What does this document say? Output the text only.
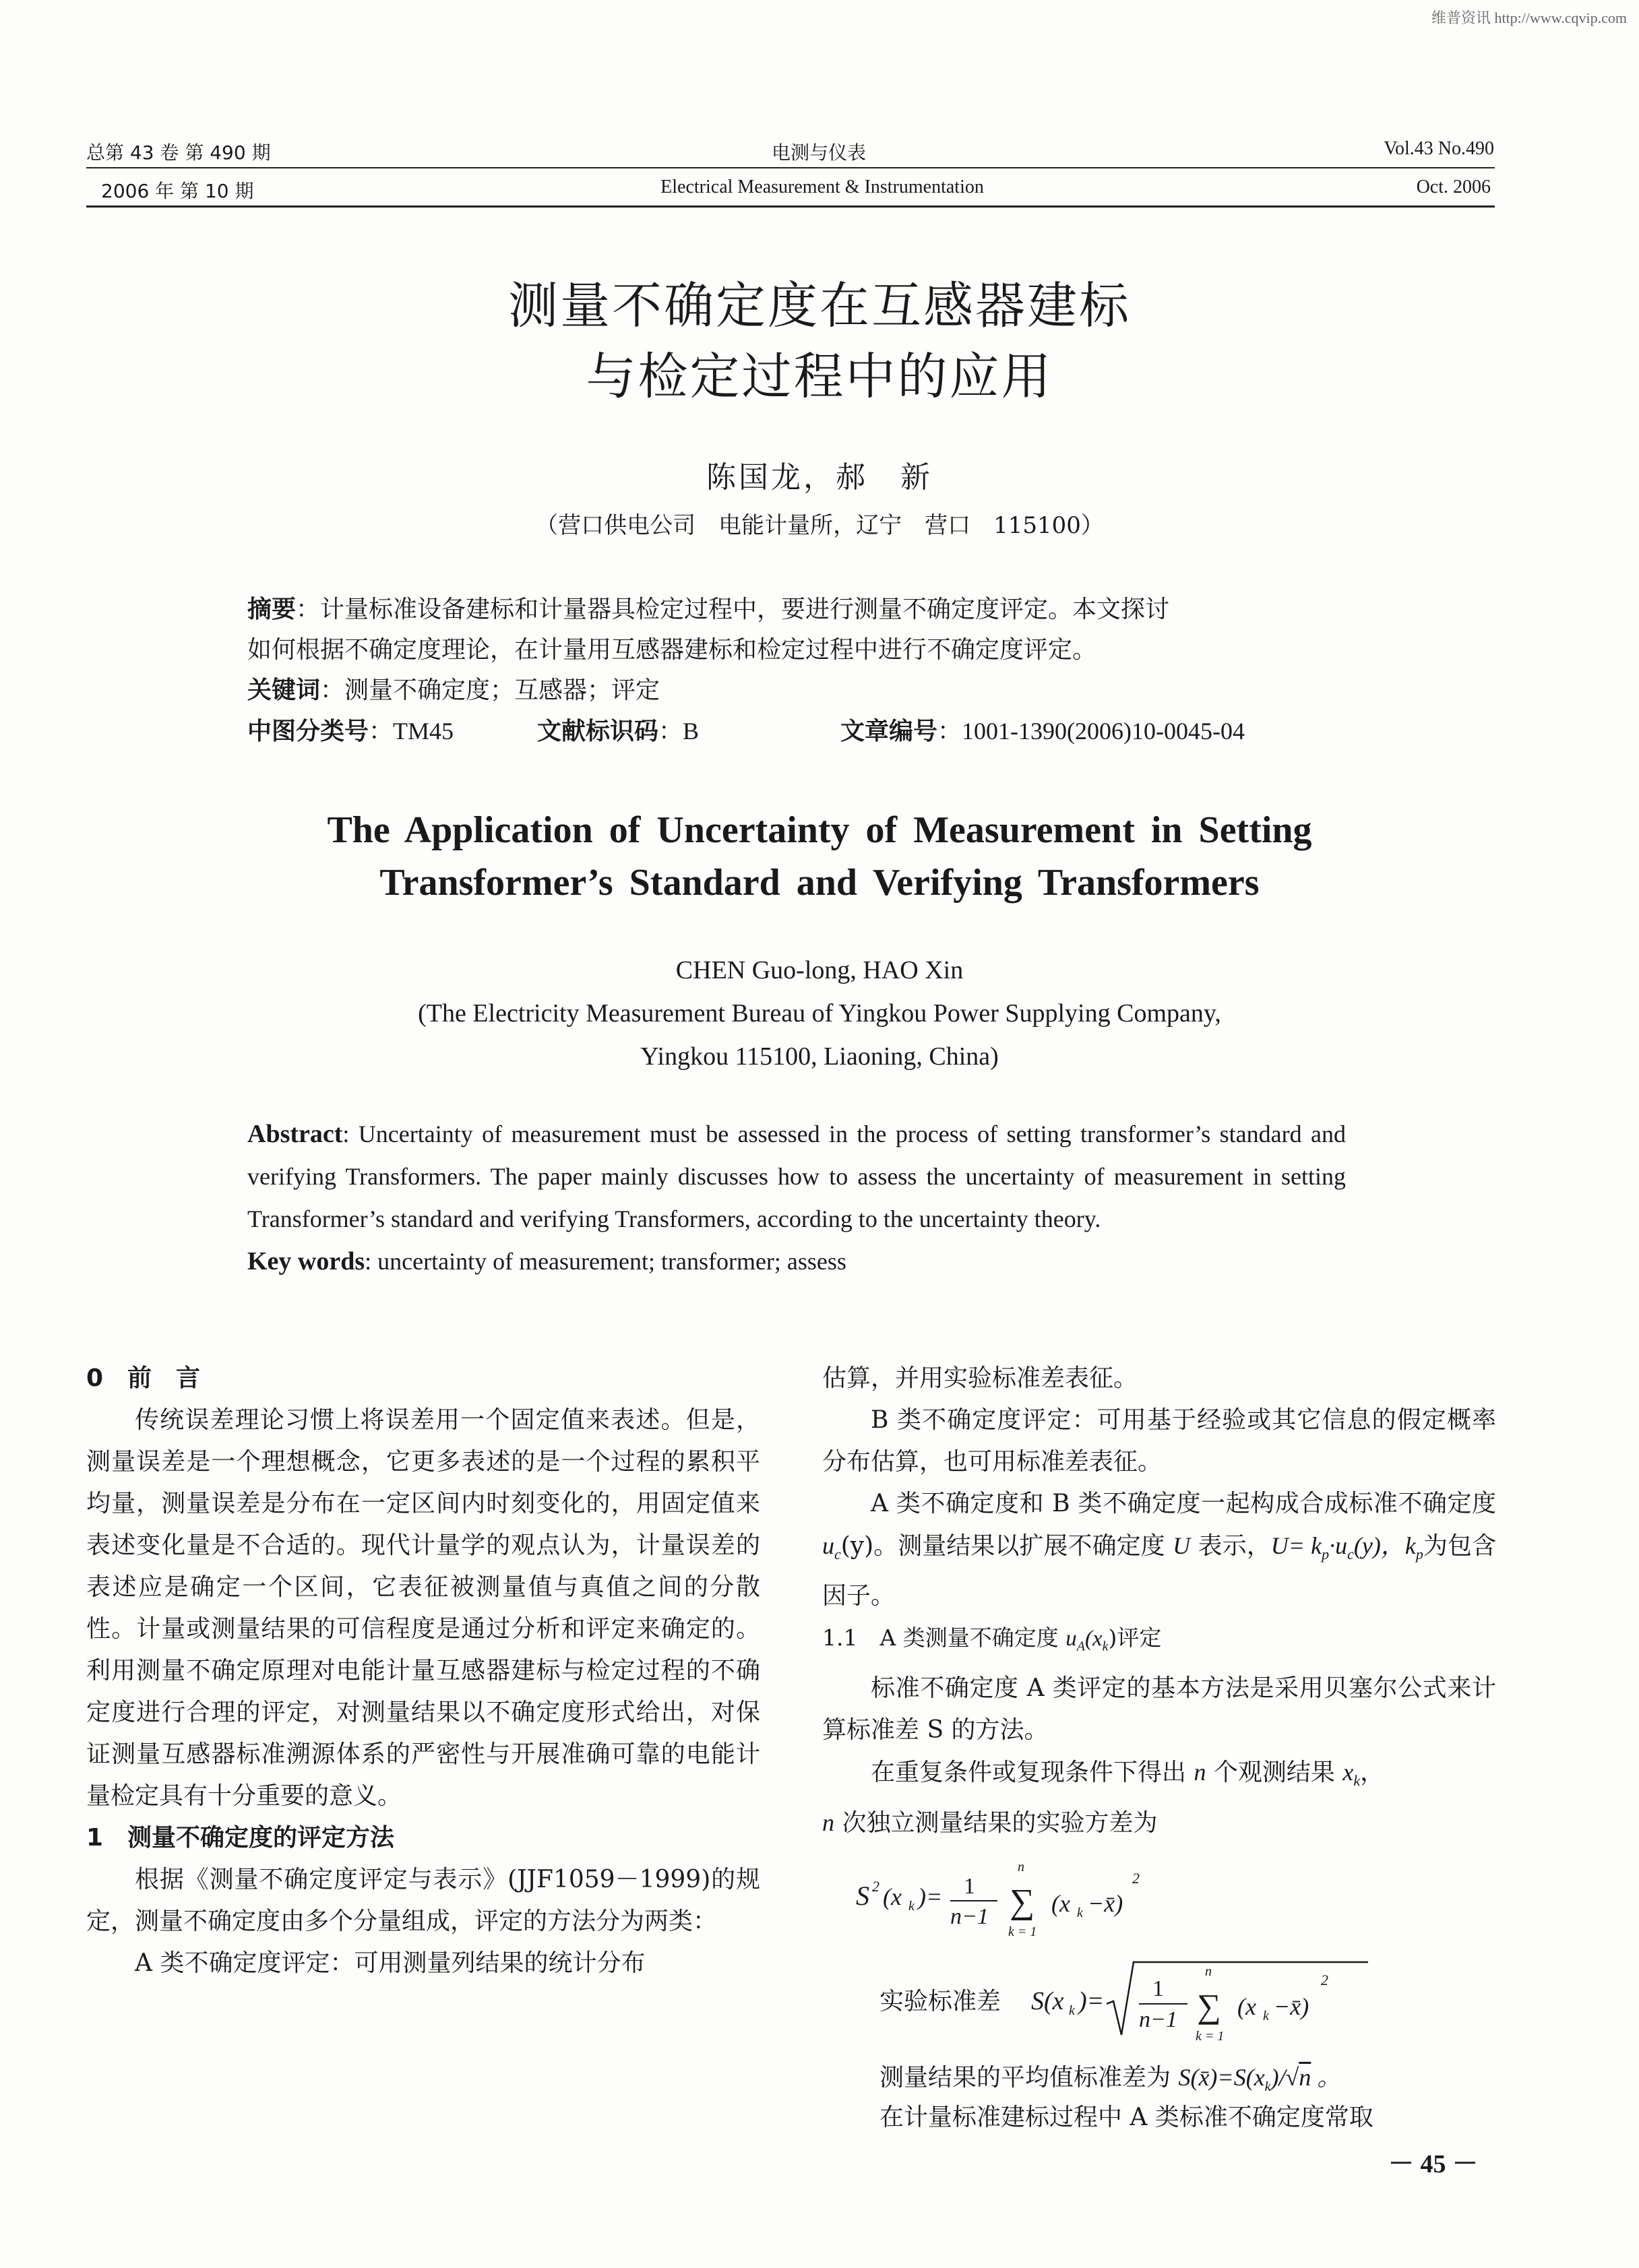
维普资讯 http://www.cqvip.com
总第 43 卷 第 490 期
2006 年 第 10 期
电测与仪表
Electrical Measurement & Instrumentation
Vol.43 No.490
Oct. 2006
测量不确定度在互感器建标
与检定过程中的应用
陈国龙，郝　新
（营口供电公司　电能计量所，辽宁　营口　115100）
摘要：计量标准设备建标和计量器具检定过程中，要进行测量不确定度评定。本文探讨
如何根据不确定度理论，在计量用互感器建标和检定过程中进行不确定度评定。
关键词：测量不确定度；互感器；评定
中图分类号：TM45	文献标识码：B	文章编号：1001-1390(2006)10-0045-04
The Application of Uncertainty of Measurement in Setting
Transformer’s Standard and Verifying Transformers
CHEN Guo-long, HAO Xin
(The Electricity Measurement Bureau of Yingkou Power Supplying Company,
Yingkou 115100, Liaoning, China)
Abstract: Uncertainty of measurement must be assessed in the process of setting transformer’s standard and verifying Transformers. The paper mainly discusses how to assess the uncertainty of measurement in setting Transformer’s standard and verifying Transformers, according to the uncertainty theory.
Key words: uncertainty of measurement; transformer; assess

0　前　言

传统误差理论习惯上将误差用一个固定值来表述。但是，测量误差是一个理想概念，它更多表述的是一个过程的累积平均量，测量误差是分布在一定区间内时刻变化的，用固定值来表述变化量是不合适的。现代计量学的观点认为，计量误差的表述应是确定一个区间，它表征被测量值与真值之间的分散性。计量或测量结果的可信程度是通过分析和评定来确定的。利用测量不确定原理对电能计量互感器建标与检定过程的不确定度进行合理的评定，对测量结果以不确定度形式给出，对保证测量互感器标准溯源体系的严密性与开展准确可靠的电能计量检定具有十分重要的意义。

1　测量不确定度的评定方法

根据《测量不确定度评定与表示》(JJF1059－1999)的规定，测量不确定度由多个分量组成，评定的方法分为两类：

A 类不确定度评定：可用测量列结果的统计分布

估算，并用实验标准差表征。

B 类不确定度评定：可用基于经验或其它信息的假定概率分布估算，也可用标准差表征。

A 类不确定度和 B 类不确定度一起构成合成标准不确定度 $u_c(y)$。测量结果以扩展不确定度 U 表示，$U= k_p\cdot u_c(y)$，$k_p$为包含因子。

1.1　A 类测量不确定度 $u_A(x_k)$评定

标准不确定度 A 类评定的基本方法是采用贝塞尔公式来计算标准差 S 的方法。

在重复条件或复现条件下得出 n 个观测结果 $x_k$，

n 次独立测量结果的实验方差为

S 2 (x k )= 1
n−1
n
∑
k = 1
(x k −x̄)
2
实验标准差	S(x k )= 1
n−1
n
∑
k = 1
(x k −x̄)
2
测量结果的平均值标准差为 $S(x̄)=S(x_k)/√n$ 。
在计量标准建标过程中 A 类标准不确定度常取
－ 45 －
